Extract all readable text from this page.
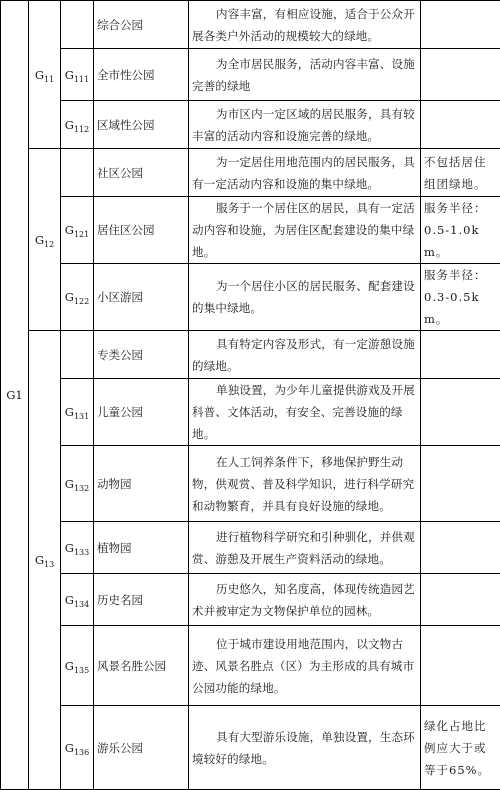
G1	$G_{11}$		综合公园	内容丰富，有相应设施，适合于公众开展各类户外活动的规模较大的绿地。	
		$G_{111}$	全市性公园	为全市居民服务，活动内容丰富、设施完善的绿地	
		$G_{112}$	区域性公园	为市区内一定区域的居民服务，具有较丰富的活动内容和设施完善的绿地。	
	$G_{12}$		社区公园	为一定居住用地范围内的居民服务，具有一定活动内容和设施的集中绿地。	不包括居住组团绿地。
		$G_{121}$	居住区公园	服务于一个居住区的居民，具有一定活动内容和设施，为居住区配套建设的集中绿地。	服务半径：0.5-1.0km。
		$G_{122}$	小区游园	为一个居住小区的居民服务、配套建设的集中绿地。	服务半径：0.3-0.5km。
	$G_{13}$		专类公园	具有特定内容及形式，有一定游憩设施的绿地。	
		$G_{131}$	儿童公园	单独设置，为少年儿童提供游戏及开展科普、文体活动，有安全、完善设施的绿地。	
		$G_{132}$	动物园	在人工饲养条件下，移地保护野生动物，供观赏、普及科学知识，进行科学研究和动物繁育，并具有良好设施的绿地。	
		$G_{133}$	植物园	进行植物科学研究和引种驯化，并供观赏、游憩及开展生产资料活动的绿地。	
		$G_{134}$	历史名园	历史悠久，知名度高，体现传统造园艺术并被审定为文物保护单位的园林。	
		$G_{135}$	风景名胜公园	位于城市建设用地范围内，以文物古迹、风景名胜点（区）为主形成的具有城市公园功能的绿地。	
		$G_{136}$	游乐公园	具有大型游乐设施，单独设置，生态环境较好的绿地。	绿化占地比例应大于或等于65%。
